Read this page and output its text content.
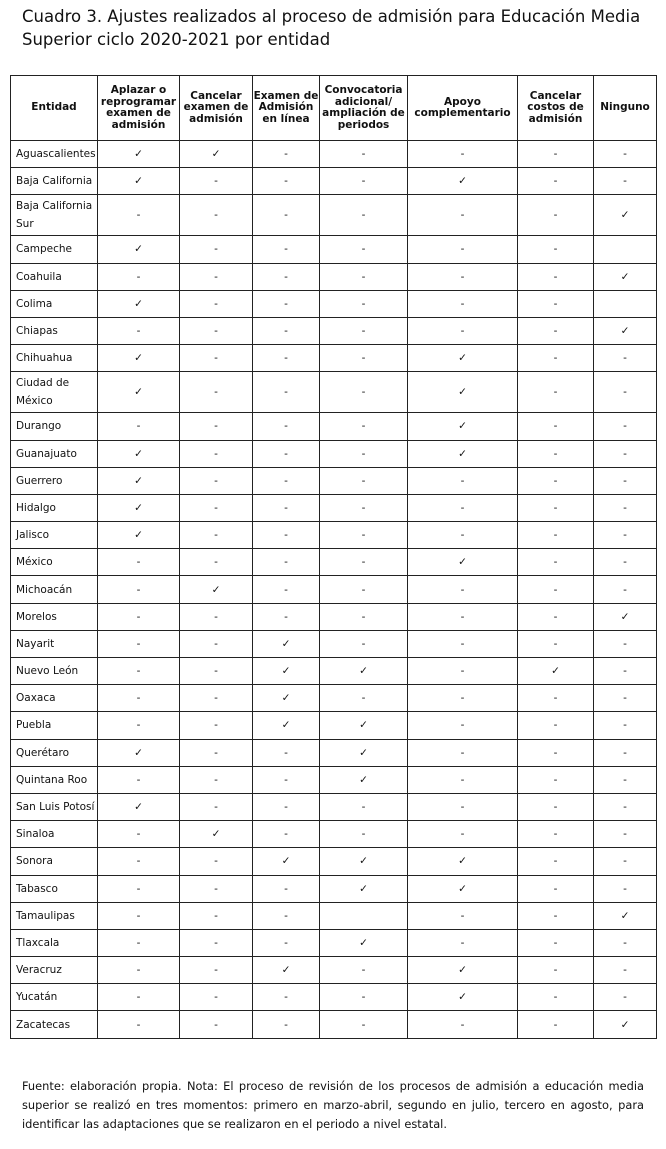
Cuadro 3. Ajustes realizados al proceso de admisión para Educación Media Superior ciclo 2020-2021 por entidad
Entidad	Aplazar o reprogramar examen de admisión	Cancelar examen de admisión	Examen de Admisión en línea	Convocatoria adicional/ ampliación de periodos	Apoyo complementario	Cancelar costos de admisión	Ninguno
Aguascalientes	✓	✓	-	-	-	-	-
Baja California	✓	-	-	-	✓	-	-
Baja California Sur	-	-	-	-	-	-	✓
Campeche	✓	-	-	-	-	-	
Coahuila	-	-	-	-	-	-	✓
Colima	✓	-	-	-	-	-	
Chiapas	-	-	-	-	-	-	✓
Chihuahua	✓	-	-	-	✓	-	-
Ciudad de México	✓	-	-	-	✓	-	-
Durango	-	-	-	-	✓	-	-
Guanajuato	✓	-	-	-	✓	-	-
Guerrero	✓	-	-	-	-	-	-
Hidalgo	✓	-	-	-	-	-	-
Jalisco	✓	-	-	-	-	-	-
México	-	-	-	-	✓	-	-
Michoacán	-	✓	-	-	-	-	-
Morelos	-	-	-	-	-	-	✓
Nayarit	-	-	✓	-	-	-	-
Nuevo León	-	-	✓	✓	-	✓	-
Oaxaca	-	-	✓	-	-	-	-
Puebla	-	-	✓	✓	-	-	-
Querétaro	✓	-	-	✓	-	-	-
Quintana Roo	-	-	-	✓	-	-	-
San Luis Potosí	✓	-	-	-	-	-	-
Sinaloa	-	✓	-	-	-	-	-
Sonora	-	-	✓	✓	✓	-	-
Tabasco	-	-	-	✓	✓	-	-
Tamaulipas	-	-	-		-	-	✓
Tlaxcala	-	-	-	✓	-	-	-
Veracruz	-	-	✓	-	✓	-	-
Yucatán	-	-	-	-	✓	-	-
Zacatecas	-	-	-	-	-	-	✓
Fuente: elaboración propia. Nota: El proceso de revisión de los procesos de admisión a educación media superior se realizó en tres momentos: primero en marzo-abril, segundo en julio, tercero en agosto, para identificar las adaptaciones que se realizaron en el periodo a nivel estatal.
